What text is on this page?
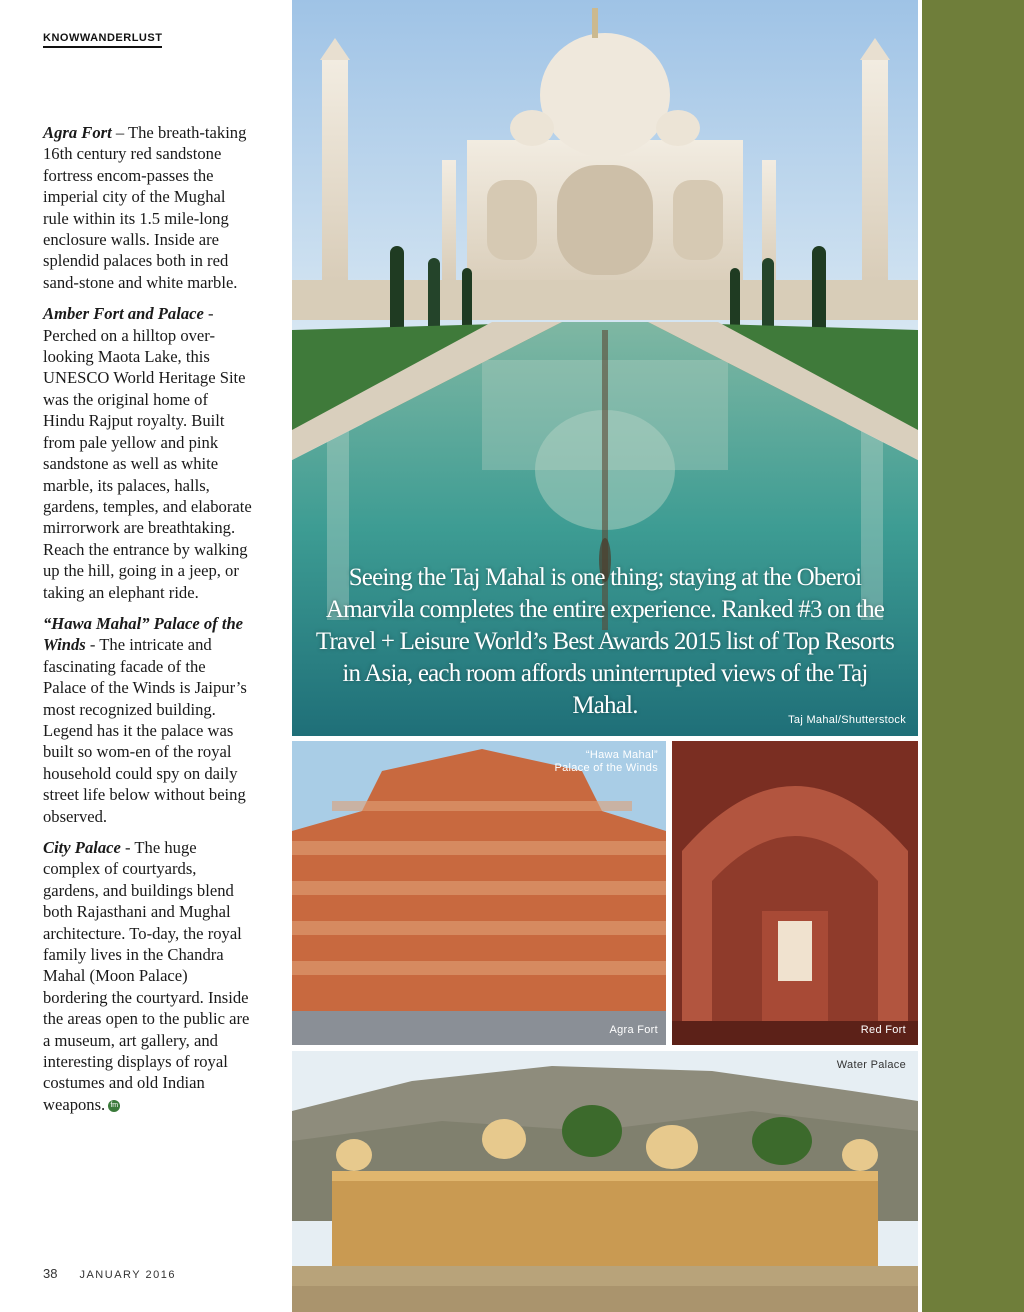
KNOWWANDERLUST

Agra Fort – The breath-taking 16th century red sandstone fortress encom-passes the imperial city of the Mughal rule within its 1.5 mile-long enclosure walls. Inside are splendid palaces both in red sand-stone and white marble.

Amber Fort and Palace - Perched on a hilltop over-looking Maota Lake, this UNESCO World Heritage Site was the original home of Hindu Rajput royalty. Built from pale yellow and pink sandstone as well as white marble, its palaces, halls, gardens, temples, and elaborate mirrorwork are breathtaking. Reach the entrance by walking up the hill, going in a jeep, or taking an elephant ride.

“Hawa Mahal” Palace of the Winds - The intricate and fascinating facade of the Palace of the Winds is Jaipur’s most recognized building. Legend has it the palace was built so wom-en of the royal household could spy on daily street life below without being observed.

City Palace - The huge complex of courtyards, gardens, and buildings blend both Rajasthani and Mughal architecture. To-day, the royal family lives in the Chandra Mahal (Moon Palace) bordering the courtyard. Inside the areas open to the public are a museum, art gallery, and interesting displays of royal costumes and old Indian weapons. fm

38 JANUARY 2016
Seeing the Taj Mahal is one thing; staying at the Oberoi Amarvila completes the entire experience. Ranked #3 on the Travel + Leisure World’s Best Awards 2015 list of Top Resorts in Asia, each room affords uninterrupted views of the Taj Mahal.
Taj Mahal/Shutterstock
“Hawa Mahal”
Palace of the Winds
Agra Fort	Red Fort
Water Palace
